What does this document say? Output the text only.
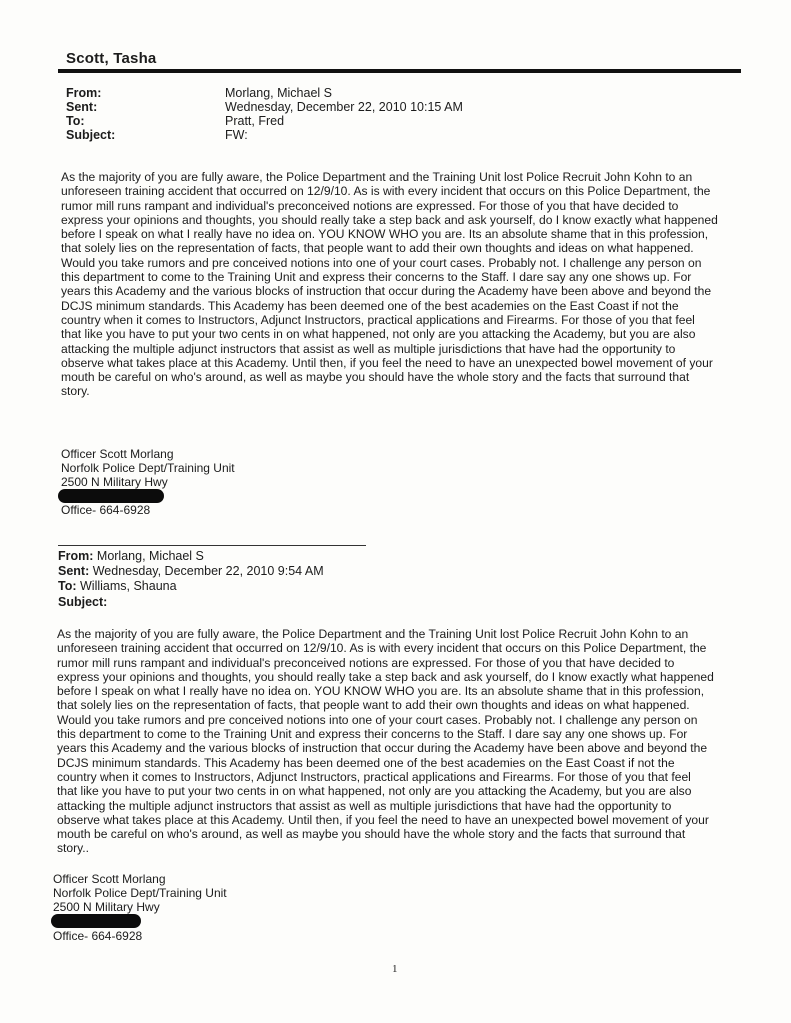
Scott, Tasha
From:	Morlang, Michael S
Sent:	Wednesday, December 22, 2010 10:15 AM
To:	Pratt, Fred
Subject:	FW:
As the majority of you are fully aware, the Police Department and the Training Unit lost Police Recruit John Kohn to an
unforeseen training accident that occurred on 12/9/10. As is with every incident that occurs on this Police Department, the
rumor mill runs rampant and individual's preconceived notions are expressed. For those of you that have decided to
express your opinions and thoughts, you should really take a step back and ask yourself, do I know exactly what happened
before I speak on what I really have no idea on. YOU KNOW WHO you are. Its an absolute shame that in this profession,
that solely lies on the representation of facts, that people want to add their own thoughts and ideas on what happened.
Would you take rumors and pre conceived notions into one of your court cases. Probably not. I challenge any person on
this department to come to the Training Unit and express their concerns to the Staff. I dare say any one shows up. For
years this Academy and the various blocks of instruction that occur during the Academy have been above and beyond the
DCJS minimum standards. This Academy has been deemed one of the best academies on the East Coast if not the
country when it comes to Instructors, Adjunct Instructors, practical applications and Firearms. For those of you that feel
that like you have to put your two cents in on what happened, not only are you attacking the Academy, but you are also
attacking the multiple adjunct instructors that assist as well as multiple jurisdictions that have had the opportunity to
observe what takes place at this Academy. Until then, if you feel the need to have an unexpected bowel movement of your
mouth be careful on who's around, as well as maybe you should have the whole story and the facts that surround that
story.
Officer Scott Morlang
Norfolk Police Dept/Training Unit
2500 N Military Hwy
Office- 664-6928
From: Morlang, Michael S
Sent: Wednesday, December 22, 2010 9:54 AM
To: Williams, Shauna
Subject:
As the majority of you are fully aware, the Police Department and the Training Unit lost Police Recruit John Kohn to an
unforeseen training accident that occurred on 12/9/10. As is with every incident that occurs on this Police Department, the
rumor mill runs rampant and individual's preconceived notions are expressed. For those of you that have decided to
express your opinions and thoughts, you should really take a step back and ask yourself, do I know exactly what happened
before I speak on what I really have no idea on. YOU KNOW WHO you are. Its an absolute shame that in this profession,
that solely lies on the representation of facts, that people want to add their own thoughts and ideas on what happened.
Would you take rumors and pre conceived notions into one of your court cases. Probably not. I challenge any person on
this department to come to the Training Unit and express their concerns to the Staff. I dare say any one shows up. For
years this Academy and the various blocks of instruction that occur during the Academy have been above and beyond the
DCJS minimum standards. This Academy has been deemed one of the best academies on the East Coast if not the
country when it comes to Instructors, Adjunct Instructors, practical applications and Firearms. For those of you that feel
that like you have to put your two cents in on what happened, not only are you attacking the Academy, but you are also
attacking the multiple adjunct instructors that assist as well as multiple jurisdictions that have had the opportunity to
observe what takes place at this Academy. Until then, if you feel the need to have an unexpected bowel movement of your
mouth be careful on who's around, as well as maybe you should have the whole story and the facts that surround that
story..
Officer Scott Morlang
Norfolk Police Dept/Training Unit
2500 N Military Hwy
Office- 664-6928
1
